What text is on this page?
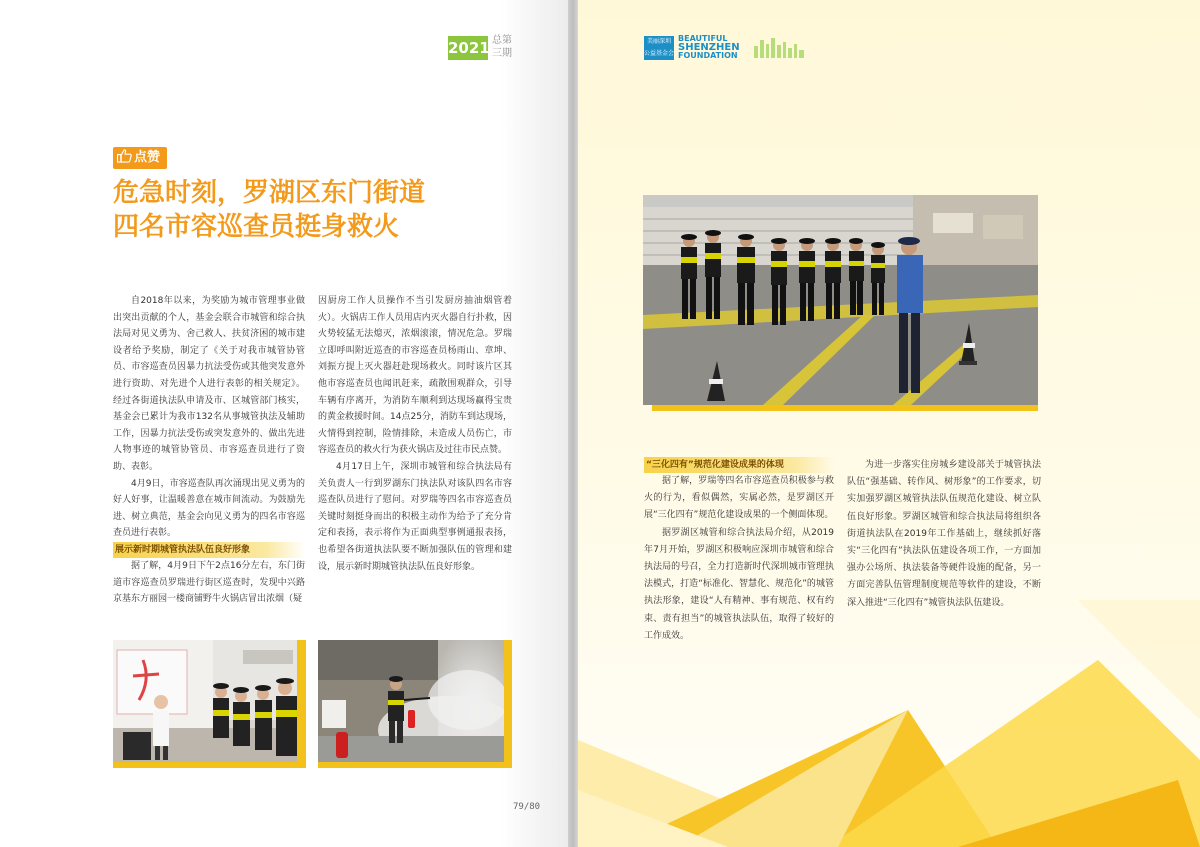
2021 总第
三期
点赞
危急时刻，罗湖区东门街道
四名市容巡查员挺身救火

自2018年以来，为奖励为城市管理事业做出突出贡献的个人，基金会联合市城管和综合执法局对见义勇为、舍己救人、扶贫济困的城市建设者给予奖励，制定了《关于对我市城管协管员、市容巡查员因暴力抗法受伤或其他突发意外进行资助、对先进个人进行表彰的相关规定》。经过各街道执法队申请及市、区城管部门核实，基金会已累计为我市132名从事城管执法及辅助工作，因暴力抗法受伤或突发意外的、做出先进人物事迹的城管协管员、市容巡查员进行了资助、表彰。

4月9日，市容巡查队再次涌现出见义勇为的好人好事，让温暖善意在城市间流动。为鼓励先进、树立典范，基金会向见义勇为的四名市容巡查员进行表彰。

展示新时期城管执法队伍良好形象

据了解，4月9日下午2点16分左右，东门街道市容巡查员罗瑞进行街区巡查时，发现中兴路京基东方丽园一楼商铺野牛火锅店冒出浓烟（疑

因厨房工作人员操作不当引发厨房抽油烟管着火）。火锅店工作人员用店内灭火器自行扑救，因火势较猛无法熄灭，浓烟滚滚，情况危急。罗瑞立即呼叫附近巡查的市容巡查员杨雨山、章坤、刘振方提上灭火器赶赴现场救火。同时该片区其他市容巡查员也闻讯赶来，疏散围观群众，引导车辆有序离开，为消防车顺利到达现场赢得宝贵的黄金救援时间。14点25分，消防车到达现场，火情得到控制，险情排除，未造成人员伤亡，市容巡查员的救火行为获火锅店及过往市民点赞。

4月17日上午，深圳市城管和综合执法局有关负责人一行到罗湖东门执法队对该队四名市容巡查队员进行了慰问。对罗瑞等四名市容巡查员关键时刻挺身而出的积极主动作为给予了充分肯定和表扬，表示将作为正面典型事例通报表扬，也希望各街道执法队要不断加强队伍的管理和建设，展示新时期城管执法队伍良好形象。

79/80
美丽深圳
公益基金会
BEAUTIFUL
SHENZHEN
FOUNDATION

“三化四有”规范化建设成果的体现

据了解，罗瑞等四名市容巡查员积极参与救火的行为，看似偶然，实属必然，是罗湖区开展“三化四有”规范化建设成果的一个侧面体现。

据罗湖区城管和综合执法局介绍，从2019年7月开始，罗湖区积极响应深圳市城管和综合执法局的号召，全力打造新时代深圳城市管理执法模式，打造“标准化、智慧化、规范化”的城管执法形象，建设“人有精神、事有规范、权有约束、责有担当”的城管执法队伍，取得了较好的工作成效。

为进一步落实住房城乡建设部关于城管执法队伍“强基础、转作风、树形象”的工作要求，切实加强罗湖区城管执法队伍规范化建设、树立队伍良好形象。罗湖区城管和综合执法局将组织各街道执法队在2019年工作基础上，继续抓好落实“三化四有”执法队伍建设各项工作，一方面加强办公场所、执法装备等硬件设施的配备，另一方面完善队伍管理制度规范等软件的建设，不断深入推进“三化四有”城管执法队伍建设。
